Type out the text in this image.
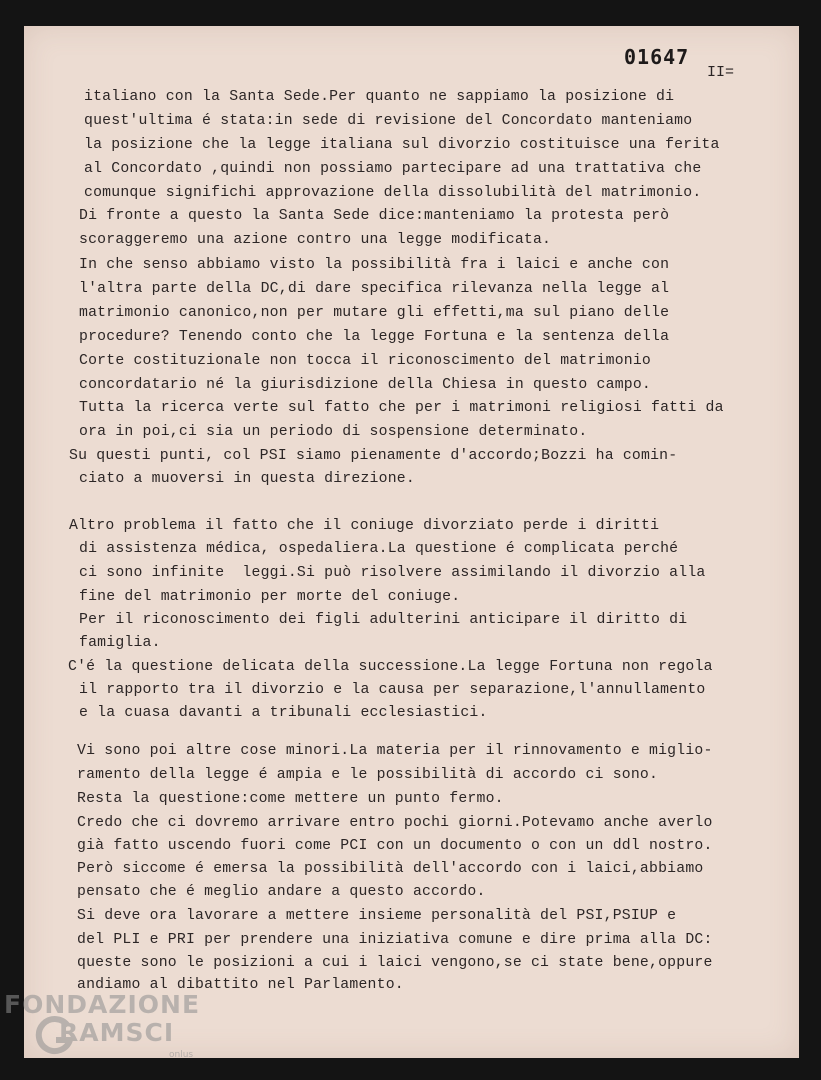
01647
II=

italiano con la Santa Sede.Per quanto ne sappiamo la posizione di

quest'ultima é stata:in sede di revisione del Concordato manteniamo

la posizione che la legge italiana sul divorzio costituisce una ferita

al Concordato ,quindi non possiamo partecipare ad una trattativa che

comunque significhi approvazione della dissolubilità del matrimonio.

Di fronte a questo la Santa Sede dice:manteniamo la protesta però

scoraggeremo una azione contro una legge modificata.

In che senso abbiamo visto la possibilità fra i laici e anche con

l'altra parte della DC,di dare specifica rilevanza nella legge al

matrimonio canonico,non per mutare gli effetti,ma sul piano delle

procedure? Tenendo conto che la legge Fortuna e la sentenza della

Corte costituzionale non tocca il riconoscimento del matrimonio

concordatario né la giurisdizione della Chiesa in questo campo.

Tutta la ricerca verte sul fatto che per i matrimoni religiosi fatti da

ora in poi,ci sia un periodo di sospensione determinato.

Su questi punti, col PSI siamo pienamente d'accordo;Bozzi ha comin-

ciato a muoversi in questa direzione.

Altro problema il fatto che il coniuge divorziato perde i diritti

di assistenza médica, ospedaliera.La questione é complicata perché

ci sono infinite  leggi.Si può risolvere assimilando il divorzio alla

fine del matrimonio per morte del coniuge.

Per il riconoscimento dei figli adulterini anticipare il diritto di

famiglia.

C'é la questione delicata della successione.La legge Fortuna non regola

il rapporto tra il divorzio e la causa per separazione,l'annullamento

e la cuasa davanti a tribunali ecclesiastici.

Vi sono poi altre cose minori.La materia per il rinnovamento e miglio-

ramento della legge é ampia e le possibilità di accordo ci sono.

Resta la questione:come mettere un punto fermo.

Credo che ci dovremo arrivare entro pochi giorni.Potevamo anche averlo

già fatto uscendo fuori come PCI con un documento o con un ddl nostro.

Però siccome é emersa la possibilità dell'accordo con i laici,abbiamo

pensato che é meglio andare a questo accordo.

Si deve ora lavorare a mettere insieme personalità del PSI,PSIUP e

del PLI e PRI per prendere una iniziativa comune e dire prima alla DC:

queste sono le posizioni a cui i laici vengono,se ci state bene,oppure

andiamo al dibattito nel Parlamento.

FONDAZIONE
RAMSCI
onlus
